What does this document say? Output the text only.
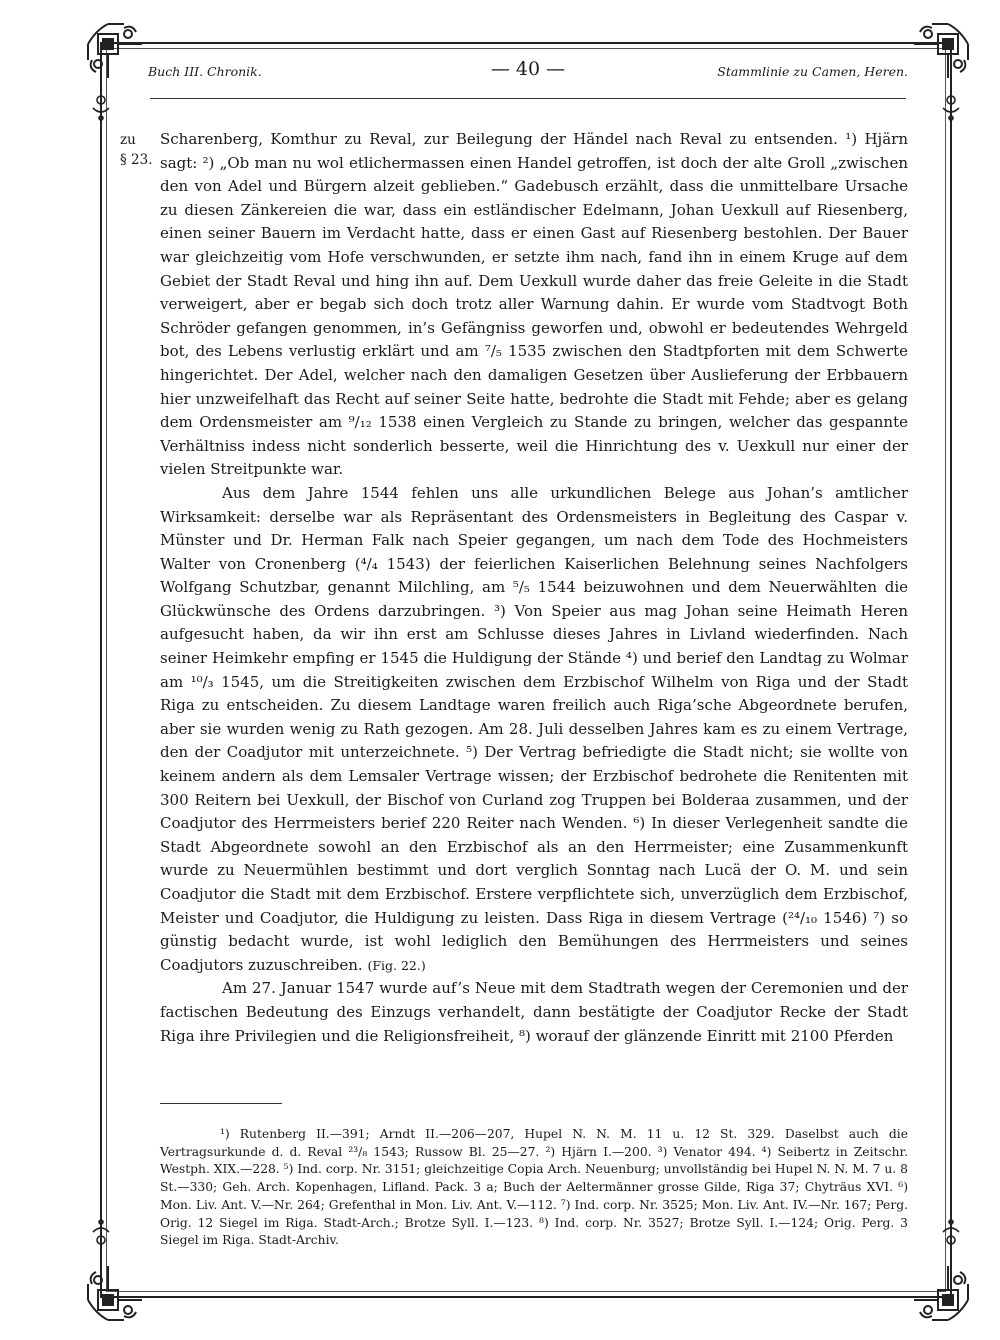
Buch III. Chronik.	— 40 —	Stammlinie zu Camen, Heren.
zu
§ 23.

Scharenberg, Komthur zu Reval, zur Beilegung der Händel nach Reval zu entsenden. ¹) Hjärn sagt: ²) „Ob man nu wol etlichermassen einen Handel getroffen, ist doch der alte Groll „zwischen den von Adel und Bürgern alzeit geblieben.“ Gadebusch erzählt, dass die unmittelbare Ursache zu diesen Zänkereien die war, dass ein estländischer Edelmann, Johan Uexkull auf Riesenberg, einen seiner Bauern im Verdacht hatte, dass er einen Gast auf Riesenberg bestohlen. Der Bauer war gleichzeitig vom Hofe verschwunden, er setzte ihm nach, fand ihn in einem Kruge auf dem Gebiet der Stadt Reval und hing ihn auf. Dem Uexkull wurde daher das freie Geleite in die Stadt verweigert, aber er begab sich doch trotz aller Warnung dahin. Er wurde vom Stadtvogt Both Schröder gefangen genommen, in’s Gefängniss geworfen und, obwohl er bedeutendes Wehrgeld bot, des Lebens verlustig erklärt und am ⁷/₅ 1535 zwischen den Stadtpforten mit dem Schwerte hingerichtet. Der Adel, welcher nach den damaligen Gesetzen über Auslieferung der Erbbauern hier unzweifelhaft das Recht auf seiner Seite hatte, bedrohte die Stadt mit Fehde; aber es gelang dem Ordensmeister am ⁹/₁₂ 1538 einen Vergleich zu Stande zu bringen, welcher das gespannte Verhältniss indess nicht sonderlich besserte, weil die Hinrichtung des v. Uexkull nur einer der vielen Streitpunkte war.

Aus dem Jahre 1544 fehlen uns alle urkundlichen Belege aus Johan’s amtlicher Wirksamkeit: derselbe war als Repräsentant des Ordensmeisters in Begleitung des Caspar v. Münster und Dr. Herman Falk nach Speier gegangen, um nach dem Tode des Hochmeisters Walter von Cronenberg (⁴/₄ 1543) der feierlichen Kaiserlichen Belehnung seines Nachfolgers Wolfgang Schutzbar, genannt Milchling, am ⁵/₅ 1544 beizuwohnen und dem Neuerwählten die Glückwünsche des Ordens darzubringen. ³) Von Speier aus mag Johan seine Heimath Heren aufgesucht haben, da wir ihn erst am Schlusse dieses Jahres in Livland wiederfinden. Nach seiner Heimkehr empfing er 1545 die Huldigung der Stände ⁴) und berief den Landtag zu Wolmar am ¹⁰/₃ 1545, um die Streitigkeiten zwischen dem Erzbischof Wilhelm von Riga und der Stadt Riga zu entscheiden. Zu diesem Landtage waren freilich auch Riga’sche Abgeordnete berufen, aber sie wurden wenig zu Rath gezogen. Am 28. Juli desselben Jahres kam es zu einem Vertrage, den der Coadjutor mit unterzeichnete. ⁵) Der Vertrag befriedigte die Stadt nicht; sie wollte von keinem andern als dem Lemsaler Vertrage wissen; der Erzbischof bedrohete die Renitenten mit 300 Reitern bei Uexkull, der Bischof von Curland zog Truppen bei Bolderaa zusammen, und der Coadjutor des Herrmeisters berief 220 Reiter nach Wenden. ⁶) In dieser Verlegenheit sandte die Stadt Abgeordnete sowohl an den Erzbischof als an den Herrmeister; eine Zusammenkunft wurde zu Neuermühlen bestimmt und dort verglich Sonntag nach Lucä der O. M. und sein Coadjutor die Stadt mit dem Erzbischof. Erstere verpflichtete sich, unverzüglich dem Erzbischof, Meister und Coadjutor, die Huldigung zu leisten. Dass Riga in diesem Vertrage (²⁴/₁₀ 1546) ⁷) so günstig bedacht wurde, ist wohl lediglich den Bemühungen des Herrmeisters und seines Coadjutors zuzuschreiben. (Fig. 22.)

Am 27. Januar 1547 wurde auf’s Neue mit dem Stadtrath wegen der Ceremonien und der factischen Bedeutung des Einzugs verhandelt, dann bestätigte der Coadjutor Recke der Stadt Riga ihre Privilegien und die Religionsfreiheit, ⁸) worauf der glänzende Einritt mit 2100 Pferden

¹) Rutenberg II.—391; Arndt II.—206—207, Hupel N. N. M. 11 u. 12 St. 329. Daselbst auch die Vertragsurkunde d. d. Reval ²³/₈ 1543; Russow Bl. 25—27. ²) Hjärn I.—200. ³) Venator 494. ⁴) Seibertz in Zeitschr. Westph. XIX.—228. ⁵) Ind. corp. Nr. 3151; gleichzeitige Copia Arch. Neuenburg; unvollständig bei Hupel N. N. M. 7 u. 8 St.—330; Geh. Arch. Kopenhagen, Lifland. Pack. 3 a; Buch der Aeltermänner grosse Gilde, Riga 37; Chyträus XVI. ⁶) Mon. Liv. Ant. V.—Nr. 264; Grefenthal in Mon. Liv. Ant. V.—112. ⁷) Ind. corp. Nr. 3525; Mon. Liv. Ant. IV.—Nr. 167; Perg. Orig. 12 Siegel im Riga. Stadt-Arch.; Brotze Syll. I.—123. ⁸) Ind. corp. Nr. 3527; Brotze Syll. I.—124; Orig. Perg. 3 Siegel im Riga. Stadt-Archiv.
